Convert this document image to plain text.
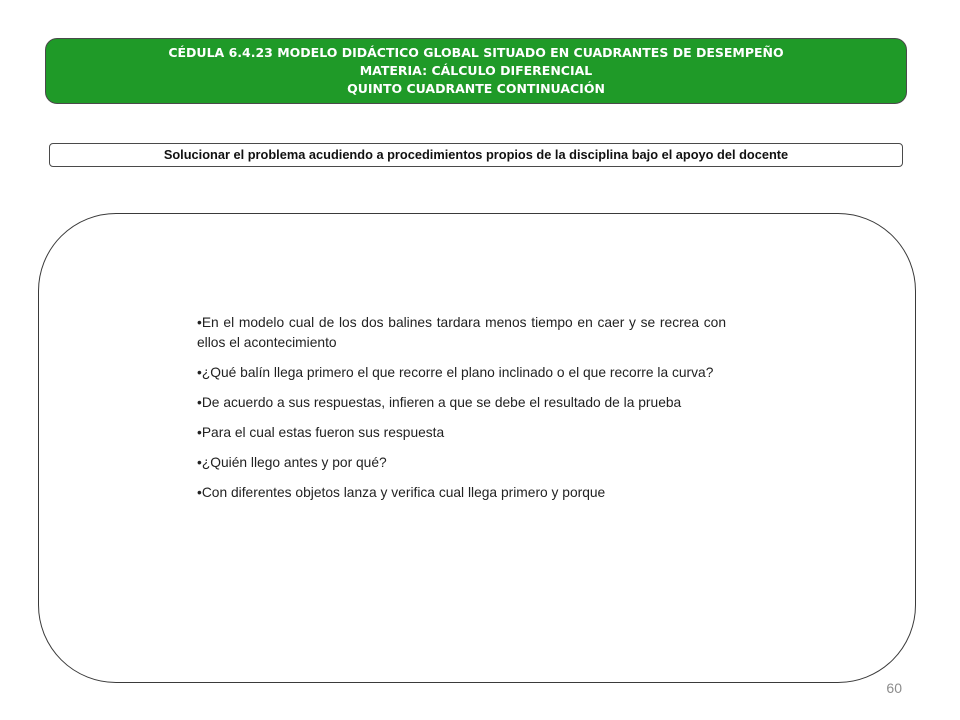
CÉDULA 6.4.23 MODELO DIDÁCTICO GLOBAL SITUADO EN CUADRANTES DE DESEMPEÑO
MATERIA: CÁLCULO DIFERENCIAL
QUINTO CUADRANTE CONTINUACIÓN
Solucionar el problema acudiendo a procedimientos propios de la disciplina bajo el apoyo del docente
• En el modelo cual de los dos balines tardara menos tiempo en caer y se recrea con ellos el acontecimiento
• ¿Qué balín llega primero el que recorre el plano inclinado o el que recorre la curva?
• De acuerdo a sus respuestas, infieren a que se debe el resultado de la prueba
• Para el cual estas fueron sus respuesta
• ¿Quién llego antes y por qué?
• Con diferentes objetos lanza y verifica cual llega primero y porque
60
